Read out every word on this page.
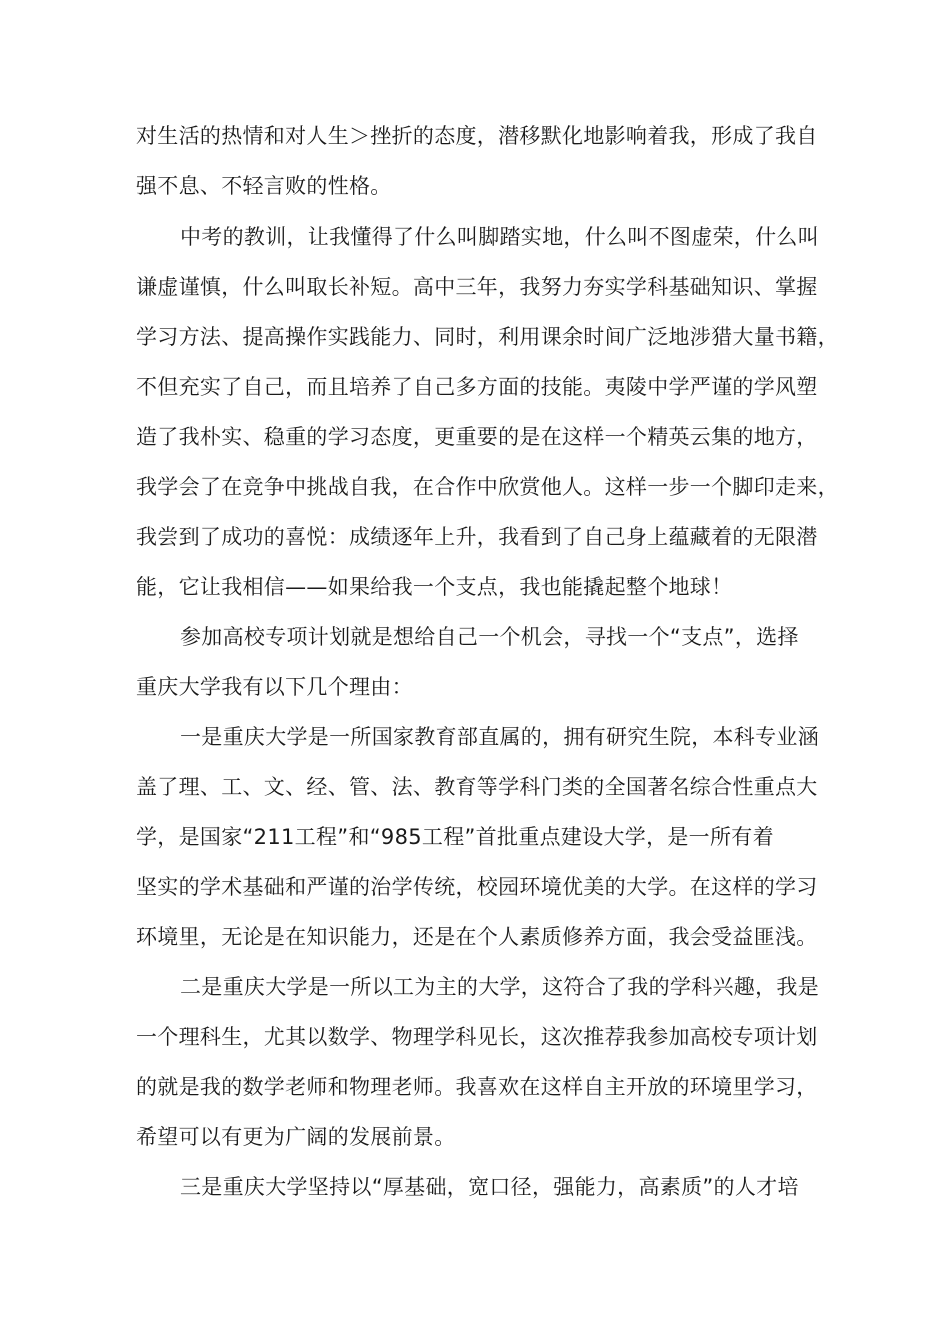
对生活的热情和对人生＞挫折的态度，潜移默化地影响着我，形成了我自
强不息、不轻言败的性格。
中考的教训，让我懂得了什么叫脚踏实地，什么叫不图虚荣，什么叫
谦虚谨慎，什么叫取长补短。高中三年，我努力夯实学科基础知识、掌握
学习方法、提高操作实践能力、同时，利用课余时间广泛地涉猎大量书籍，
不但充实了自己，而且培养了自己多方面的技能。夷陵中学严谨的学风塑
造了我朴实、稳重的学习态度，更重要的是在这样一个精英云集的地方，
我学会了在竞争中挑战自我，在合作中欣赏他人。这样一步一个脚印走来，
我尝到了成功的喜悦：成绩逐年上升，我看到了自己身上蕴藏着的无限潜
能，它让我相信——如果给我一个支点，我也能撬起整个地球！
参加高校专项计划就是想给自己一个机会，寻找一个“支点”，选择
重庆大学我有以下几个理由：
一是重庆大学是一所国家教育部直属的，拥有研究生院，本科专业涵
盖了理、工、文、经、管、法、教育等学科门类的全国著名综合性重点大
学，是国家“211工程”和“985工程”首批重点建设大学，是一所有着
坚实的学术基础和严谨的治学传统，校园环境优美的大学。在这样的学习
环境里，无论是在知识能力，还是在个人素质修养方面，我会受益匪浅。
二是重庆大学是一所以工为主的大学，这符合了我的学科兴趣，我是
一个理科生，尤其以数学、物理学科见长，这次推荐我参加高校专项计划
的就是我的数学老师和物理老师。我喜欢在这样自主开放的环境里学习，
希望可以有更为广阔的发展前景。
三是重庆大学坚持以“厚基础，宽口径，强能力，高素质”的人才培
